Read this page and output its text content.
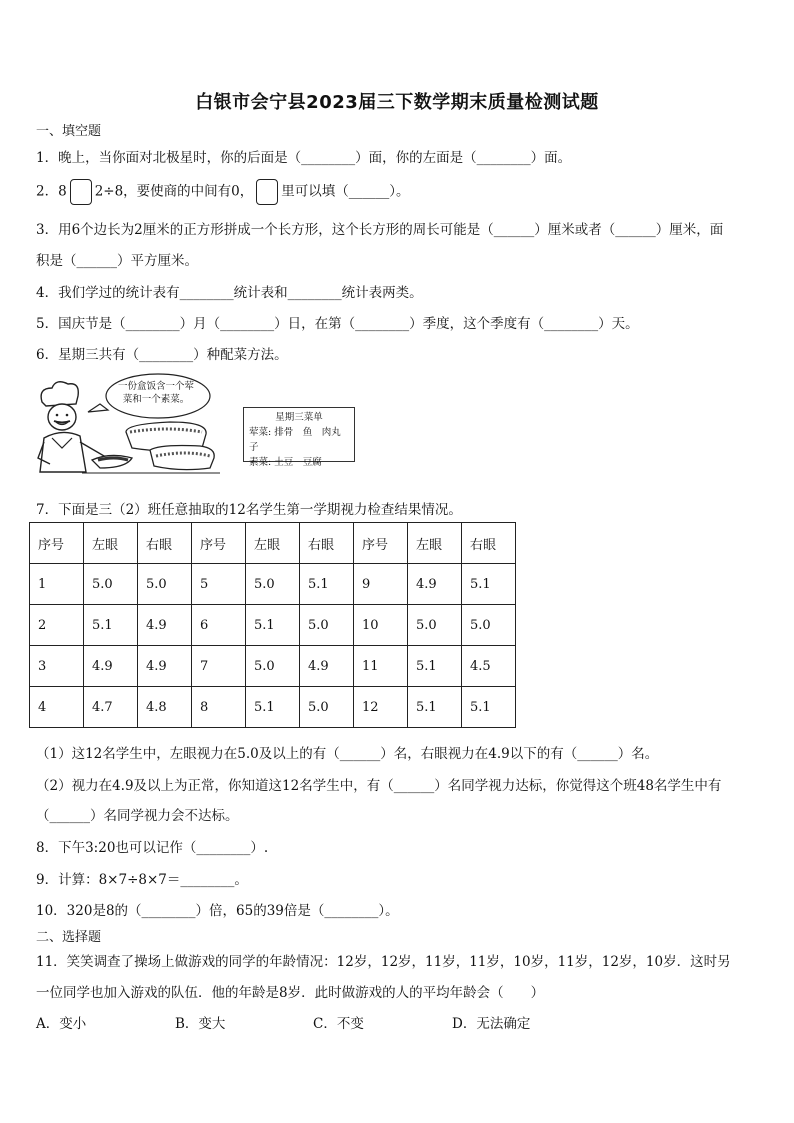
白银市会宁县2023届三下数学期末质量检测试题
一、填空题
1．晚上，当你面对北极星时，你的后面是（________）面，你的左面是（________）面。
2．8 2÷8，要使商的中间有0， 里可以填（______）。
3．用6个边长为2厘米的正方形拼成一个长方形，这个长方形的周长可能是（______）厘米或者（______）厘米，面
积是（______）平方厘米。
4．我们学过的统计表有________统计表和________统计表两类。
5．国庆节是（________）月（________）日，在第（________）季度，这个季度有（________）天。
6．星期三共有（________）种配菜方法。
一份盒饭含一个荤
菜和一个素菜。
星期三菜单
荤菜: 排骨　鱼　肉丸子
素菜: 土豆　豆腐
7．下面是三（2）班任意抽取的12名学生第一学期视力检查结果情况。
序号	左眼	右眼	序号	左眼	右眼	序号	左眼	右眼
1	5.0	5.0	5	5.0	5.1	9	4.9	5.1
2	5.1	4.9	6	5.1	5.0	10	5.0	5.0
3	4.9	4.9	7	5.0	4.9	11	5.1	4.5
4	4.7	4.8	8	5.1	5.0	12	5.1	5.1
（1）这12名学生中，左眼视力在5.0及以上的有（______）名，右眼视力在4.9以下的有（______）名。
（2）视力在4.9及以上为正常，你知道这12名学生中，有（______）名同学视力达标，你觉得这个班48名学生中有
（______）名同学视力会不达标。
8．下午3:20也可以记作（________）.
9．计算：8×7÷8×7＝________。
10．320是8的（________）倍，65的39倍是（________）。
二、选择题
11．笑笑调查了操场上做游戏的同学的年龄情况：12岁，12岁，11岁，11岁，10岁，11岁，12岁，10岁．这时另
一位同学也加入游戏的队伍．他的年龄是8岁．此时做游戏的人的平均年龄会（　　）
A．变小	B．变大	C．不变	D．无法确定
